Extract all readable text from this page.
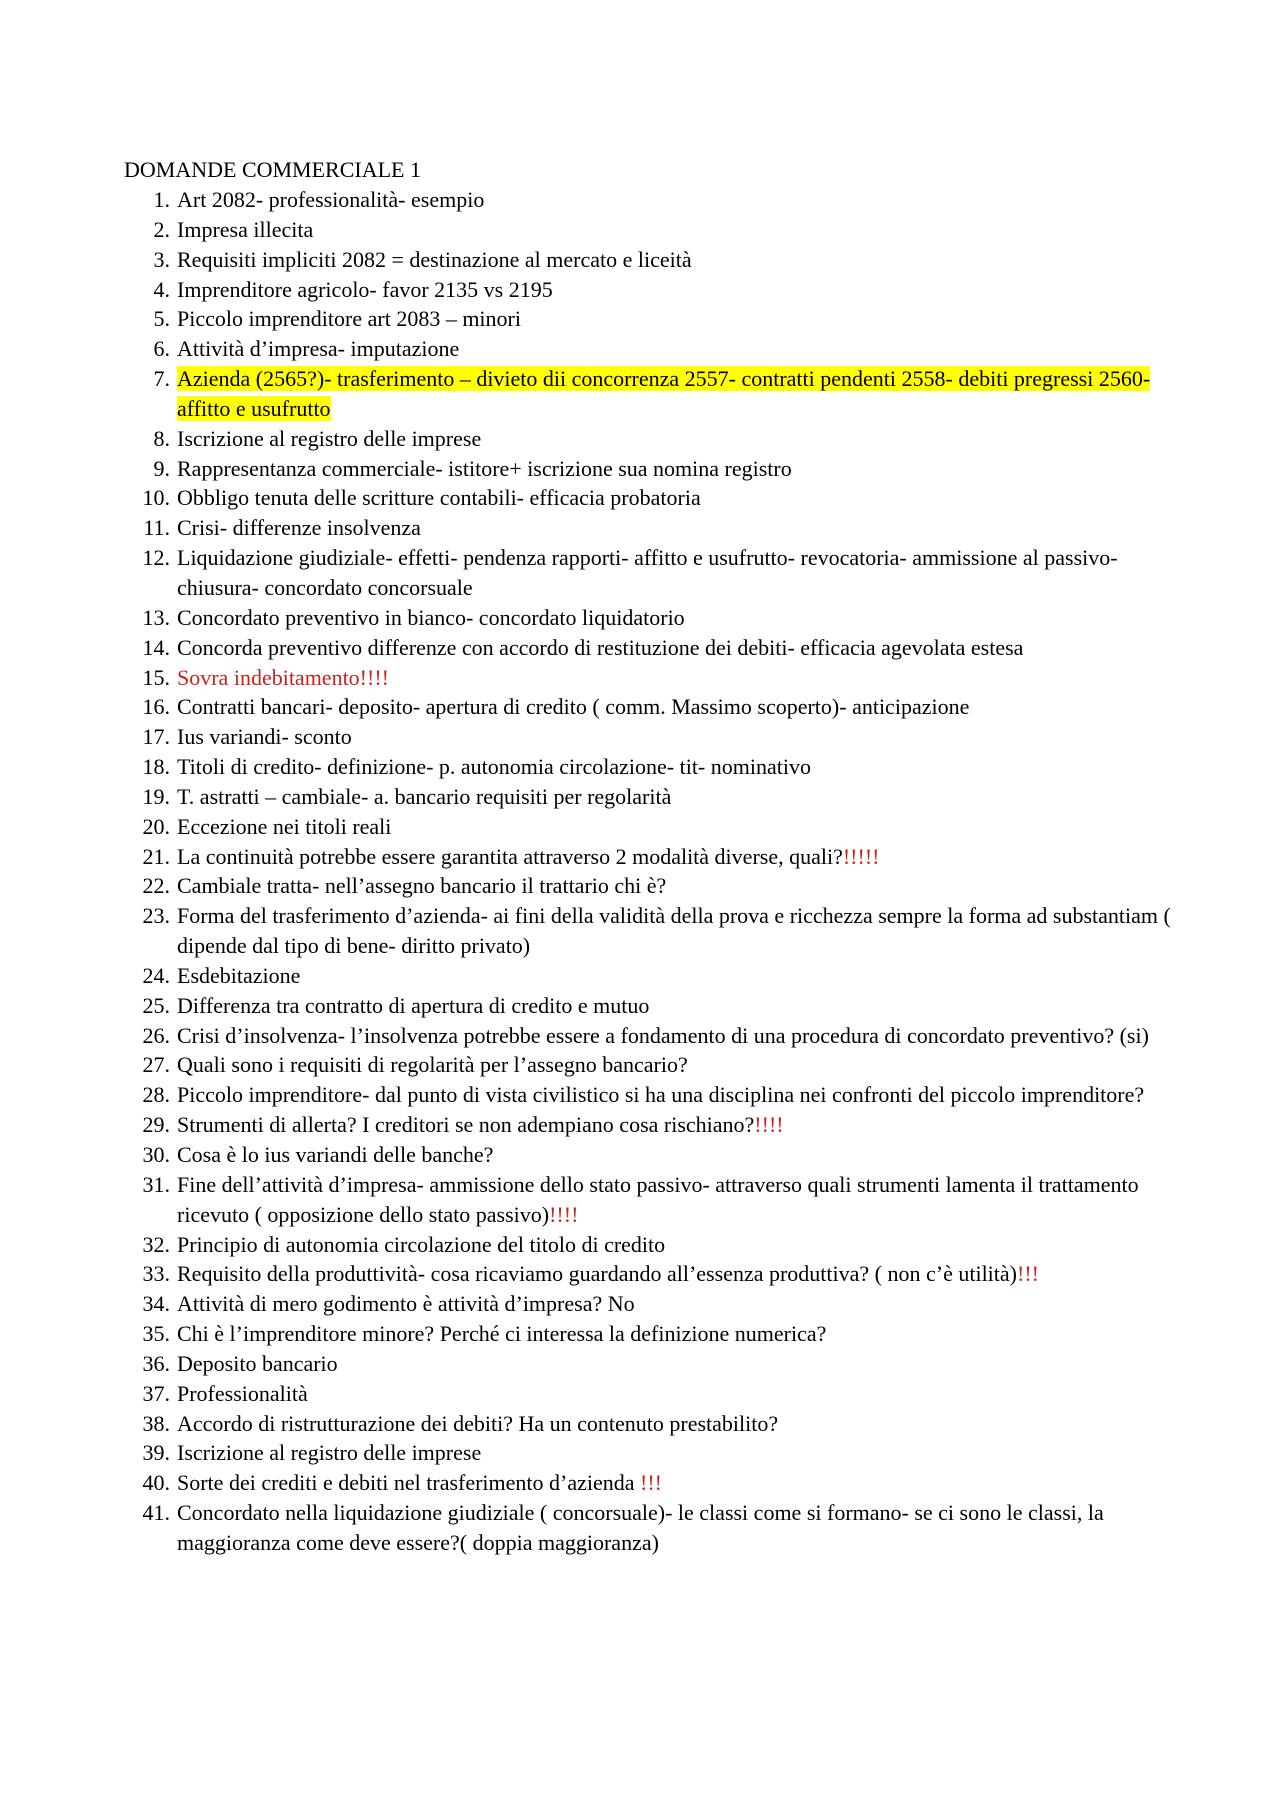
DOMANDE COMMERCIALE 1
1. Art 2082- professionalità- esempio
2. Impresa illecita
3. Requisiti impliciti 2082 = destinazione al mercato e liceità
4. Imprenditore agricolo- favor 2135 vs 2195
5. Piccolo imprenditore art 2083 – minori
6. Attività d’impresa- imputazione
7. Azienda (2565?)- trasferimento – divieto dii concorrenza 2557- contratti pendenti 2558- debiti pregressi 2560- affitto e usufrutto
8. Iscrizione al registro delle imprese
9. Rappresentanza commerciale- istitore+ iscrizione sua nomina registro
10. Obbligo tenuta delle scritture contabili- efficacia probatoria
11. Crisi- differenze insolvenza
12. Liquidazione giudiziale- effetti- pendenza rapporti- affitto e usufrutto- revocatoria- ammissione al passivo- chiusura- concordato concorsuale
13. Concordato preventivo in bianco- concordato liquidatorio
14. Concorda preventivo differenze con accordo di restituzione dei debiti- efficacia agevolata estesa
15. Sovra indebitamento!!!!
16. Contratti bancari- deposito- apertura di credito ( comm. Massimo scoperto)- anticipazione
17. Ius variandi- sconto
18. Titoli di credito- definizione- p. autonomia circolazione- tit- nominativo
19. T. astratti – cambiale- a. bancario requisiti per regolarità
20. Eccezione nei titoli reali
21. La continuità potrebbe essere garantita attraverso 2 modalità diverse, quali?!!!!!
22. Cambiale tratta- nell’assegno bancario il trattario chi è?
23. Forma del trasferimento d’azienda- ai fini della validità della prova e ricchezza sempre la forma ad substantiam ( dipende dal tipo di bene- diritto privato)
24. Esdebitazione
25. Differenza tra contratto di apertura di credito e mutuo
26. Crisi d’insolvenza- l’insolvenza potrebbe essere a fondamento di una procedura di concordato preventivo? (si)
27. Quali sono i requisiti di regolarità per l’assegno bancario?
28. Piccolo imprenditore- dal punto di vista civilistico si ha una disciplina nei confronti del piccolo imprenditore?
29. Strumenti di allerta? I creditori se non adempiano cosa rischiano?!!!!
30. Cosa è lo ius variandi delle banche?
31. Fine dell’attività d’impresa- ammissione dello stato passivo- attraverso quali strumenti lamenta il trattamento ricevuto ( opposizione dello stato passivo)!!!!
32. Principio di autonomia circolazione del titolo di credito
33. Requisito della produttività- cosa ricaviamo guardando all’essenza produttiva? ( non c’è utilità)!!!
34. Attività di mero godimento è attività d’impresa? No
35. Chi è l’imprenditore minore? Perché ci interessa la definizione numerica?
36. Deposito bancario
37. Professionalità
38. Accordo di ristrutturazione dei debiti? Ha un contenuto prestabilito?
39. Iscrizione al registro delle imprese
40. Sorte dei crediti e debiti nel trasferimento d’azienda !!!
41. Concordato nella liquidazione giudiziale ( concorsuale)- le classi come si formano- se ci sono le classi, la maggioranza come deve essere?( doppia maggioranza)
